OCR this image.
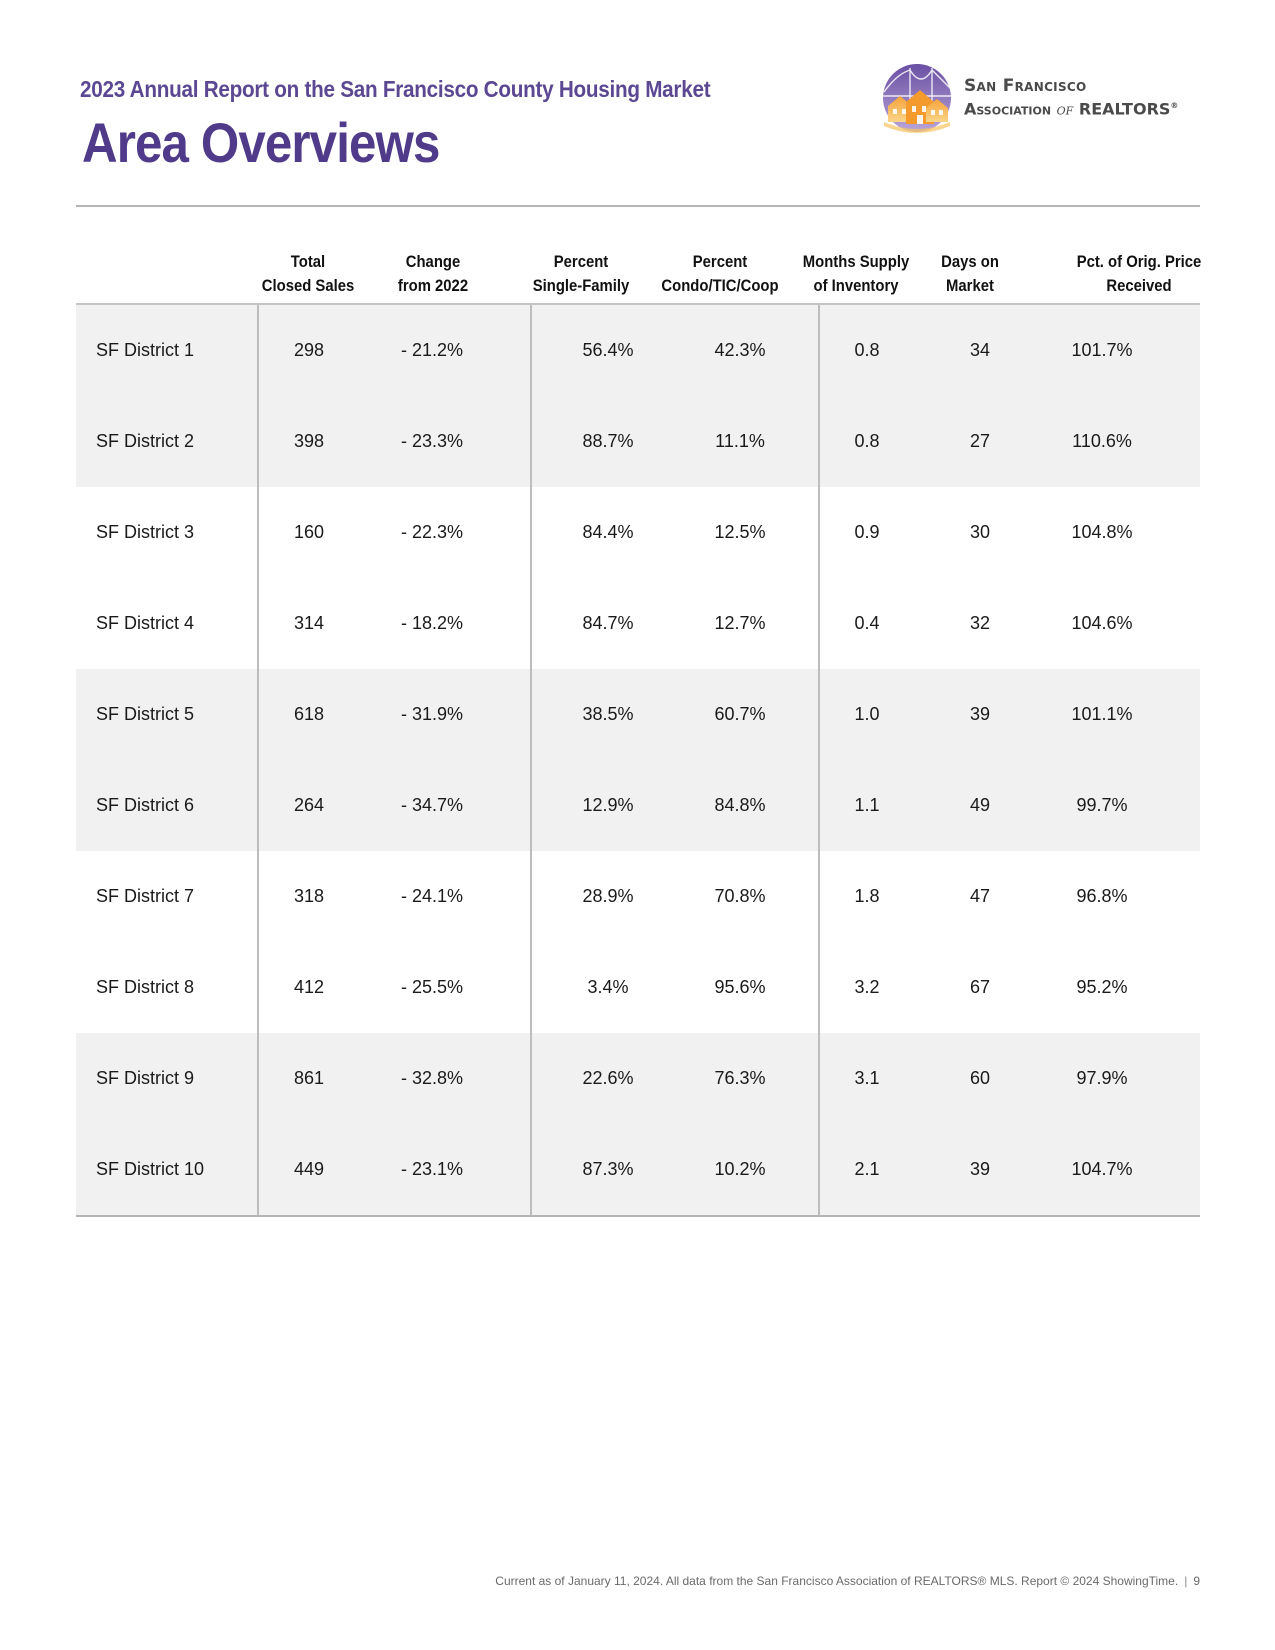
2023 Annual Report on the San Francisco County Housing Market
Area Overviews
San Francisco
Association of REALTORS®
Total
Closed Sales
Change
from 2022
Percent
Single-Family
Percent
Condo/TIC/Coop
Months Supply
of Inventory
Days on
Market
Pct. of Orig. Price
Received
SF District 1	298	- 21.2%	56.4%	42.3%	0.8	34	101.7%
SF District 2	398	- 23.3%	88.7%	11.1%	0.8	27	110.6%
SF District 3	160	- 22.3%	84.4%	12.5%	0.9	30	104.8%
SF District 4	314	- 18.2%	84.7%	12.7%	0.4	32	104.6%
SF District 5	618	- 31.9%	38.5%	60.7%	1.0	39	101.1%
SF District 6	264	- 34.7%	12.9%	84.8%	1.1	49	99.7%
SF District 7	318	- 24.1%	28.9%	70.8%	1.8	47	96.8%
SF District 8	412	- 25.5%	3.4%	95.6%	3.2	67	95.2%
SF District 9	861	- 32.8%	22.6%	76.3%	3.1	60	97.9%
SF District 10	449	- 23.1%	87.3%	10.2%	2.1	39	104.7%
Current as of January 11, 2024. All data from the San Francisco Association of REALTORS® MLS. Report © 2024 ShowingTime. | 9
